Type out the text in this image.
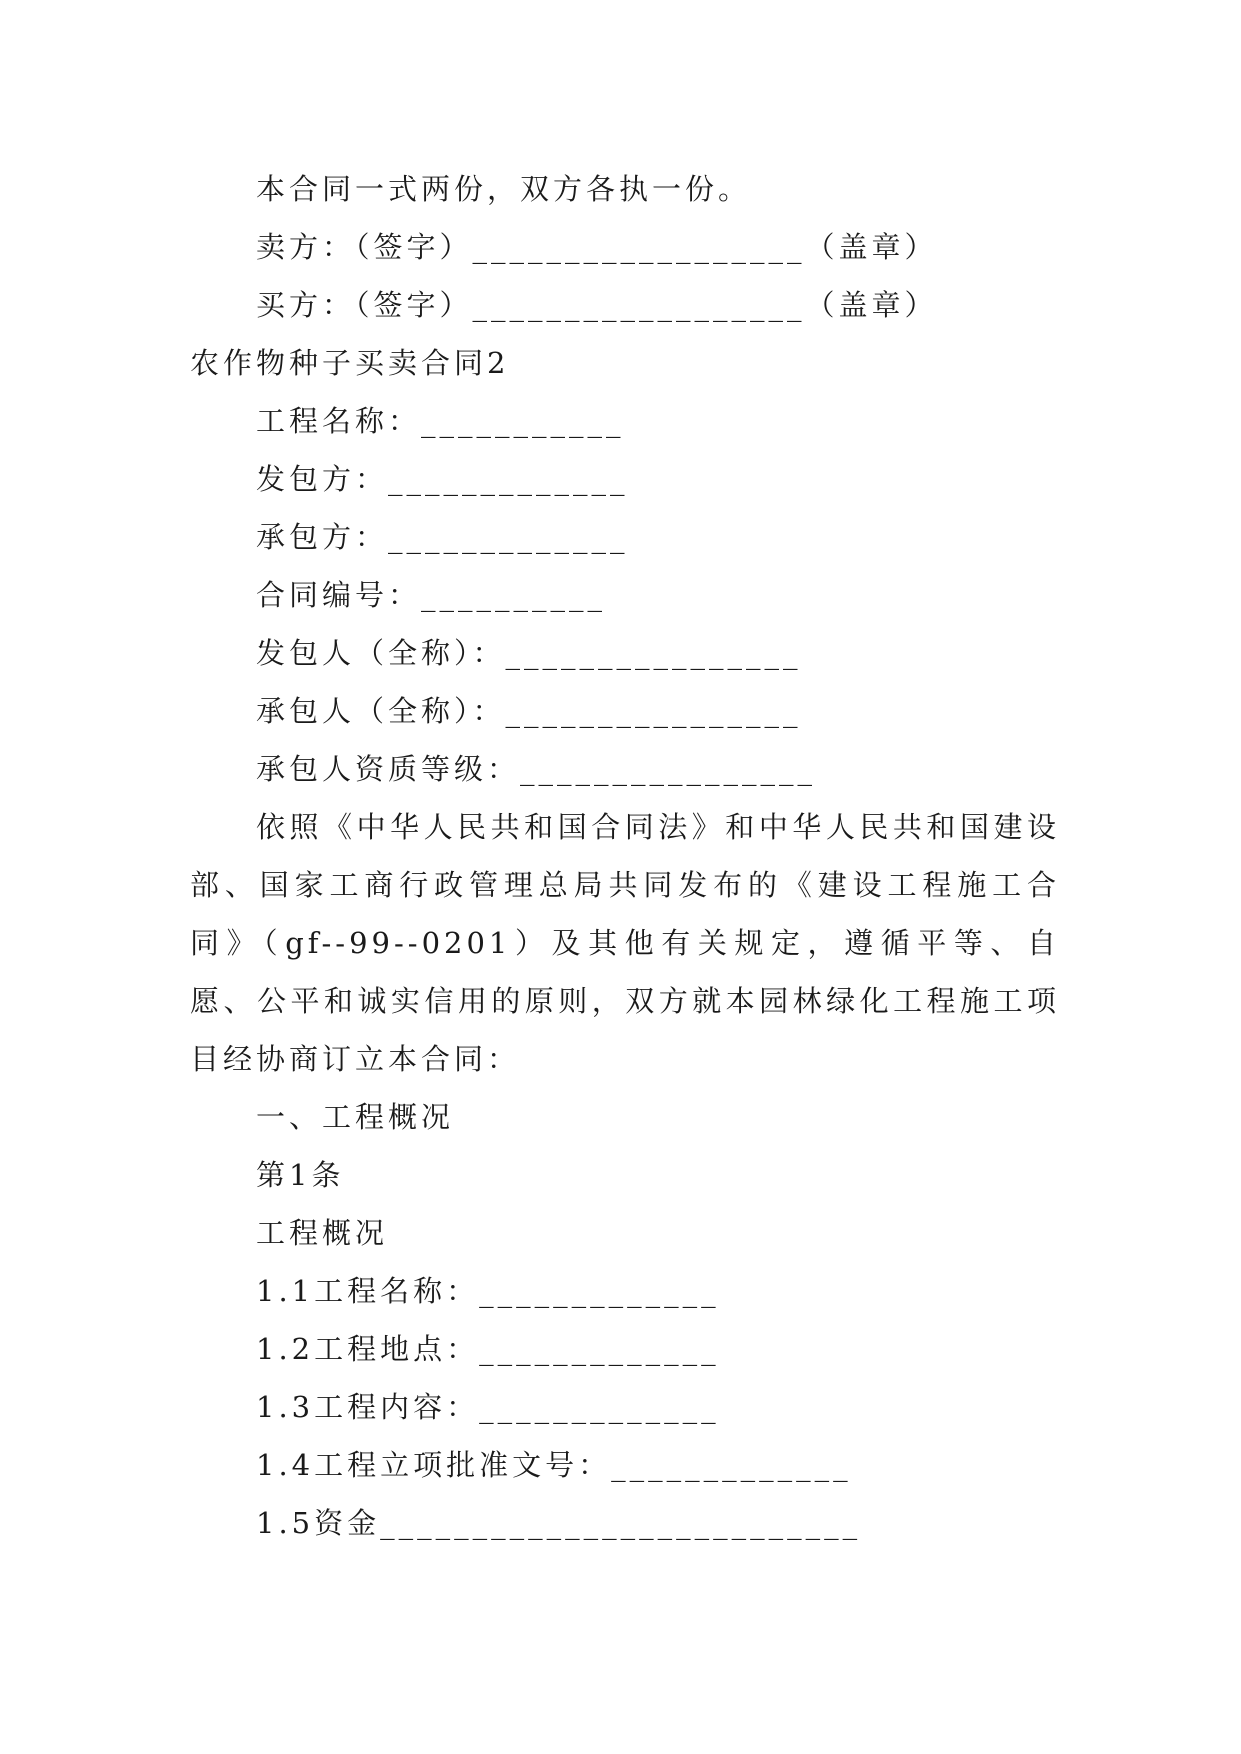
本合同一式两份，双方各执一份。
卖方：（签字）__________________（盖章）
买方：（签字）__________________（盖章）
农作物种子买卖合同2
工程名称：___________
发包方：_____________
承包方：_____________
合同编号：__________
发包人（全称）：________________
承包人（全称）：________________
承包人资质等级：________________
依照《中华人民共和国合同法》和中华人民共和国建设部、国家工商行政管理总局共同发布的《建设工程施工合同》（gf--99--0201）及其他有关规定，遵循平等、自愿、公平和诚实信用的原则，双方就本园林绿化工程施工项目经协商订立本合同：
一、工程概况
第1条
工程概况
1.1工程名称：_____________
1.2工程地点：_____________
1.3工程内容：_____________
1.4工程立项批准文号：_____________
1.5资金__________________________
